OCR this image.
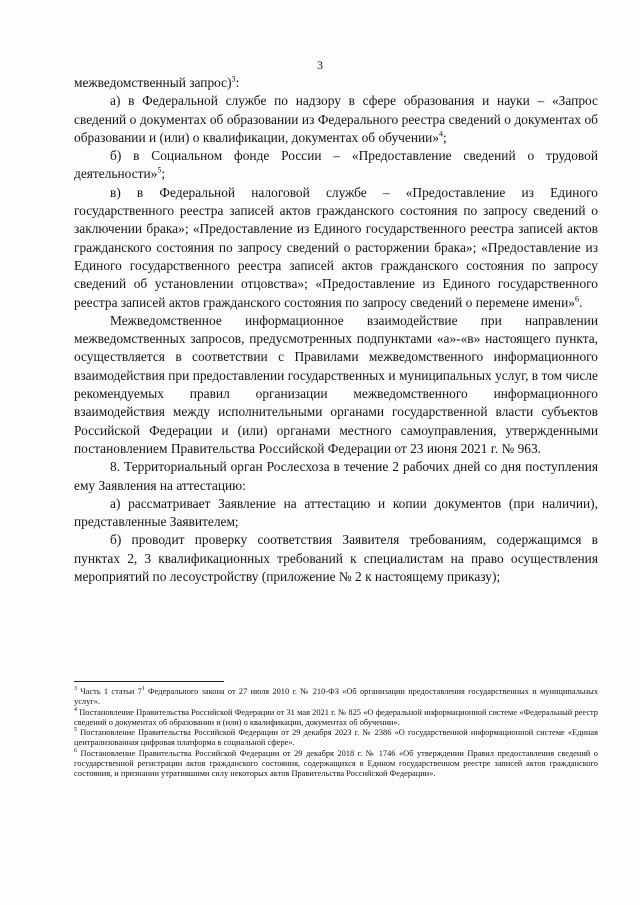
3

межведомственный запрос)$^3$:

а) в Федеральной службе по надзору в сфере образования и науки – «Запрос сведений о документах об образовании из Федерального реестра сведений о документах об образовании и (или) о квалификации, документах об обучении»$^4$;

б) в Социальном фонде России – «Предоставление сведений о трудовой деятельности»$^5$;

в) в Федеральной налоговой службе – «Предоставление из Единого государственного реестра записей актов гражданского состояния по запросу сведений о заключении брака»; «Предоставление из Единого государственного реестра записей актов гражданского состояния по запросу сведений о расторжении брака»; «Предоставление из Единого государственного реестра записей актов гражданского состояния по запросу сведений об установлении отцовства»; «Предоставление из Единого государственного реестра записей актов гражданского состояния по запросу сведений о перемене имени»$^6$.

Межведомственное информационное взаимодействие при направлении межведомственных запросов, предусмотренных подпунктами «а»-«в» настоящего пункта, осуществляется в соответствии с Правилами межведомственного информационного взаимодействия при предоставлении государственных и муниципальных услуг, в том числе рекомендуемых правил организации межведомственного информационного взаимодействия между исполнительными органами государственной власти субъектов Российской Федерации и (или) органами местного самоуправления, утвержденными постановлением Правительства Российской Федерации от 23 июня 2021 г. № 963.

8. Территориальный орган Рослесхоза в течение 2 рабочих дней со дня поступления ему Заявления на аттестацию:

а) рассматривает Заявление на аттестацию и копии документов (при наличии), представленные Заявителем;

б) проводит проверку соответствия Заявителя требованиям, содержащимся в пунктах 2, 3 квалификационных требований к специалистам на право осуществления мероприятий по лесоустройству (приложение № 2 к настоящему приказу);

$^3$ Часть 1 статьи $7^1$ Федерального закона от 27 июля 2010 г. № 210-ФЗ «Об организации предоставления государственных и муниципальных услуг».

$^4$ Постановление Правительства Российской Федерации от 31 мая 2021 г. № 825 «О федеральной информационной системе «Федеральный реестр сведений о документах об образовании и (или) о квалификации, документах об обучении».

$^5$ Постановление Правительства Российской Федерации от 29 декабря 2023 г. № 2386 «О государственной информационной системе «Единая централизованная цифровая платформа в социальной сфере».

$^6$ Постановление Правительства Российской Федерации от 29 декабря 2018 г. № 1746 «Об утверждении Правил предоставления сведений о государственной регистрации актов гражданского состояния, содержащихся в Едином государственном реестре записей актов гражданского состояния, и признании утратившими силу некоторых актов Правительства Российской Федерации».
